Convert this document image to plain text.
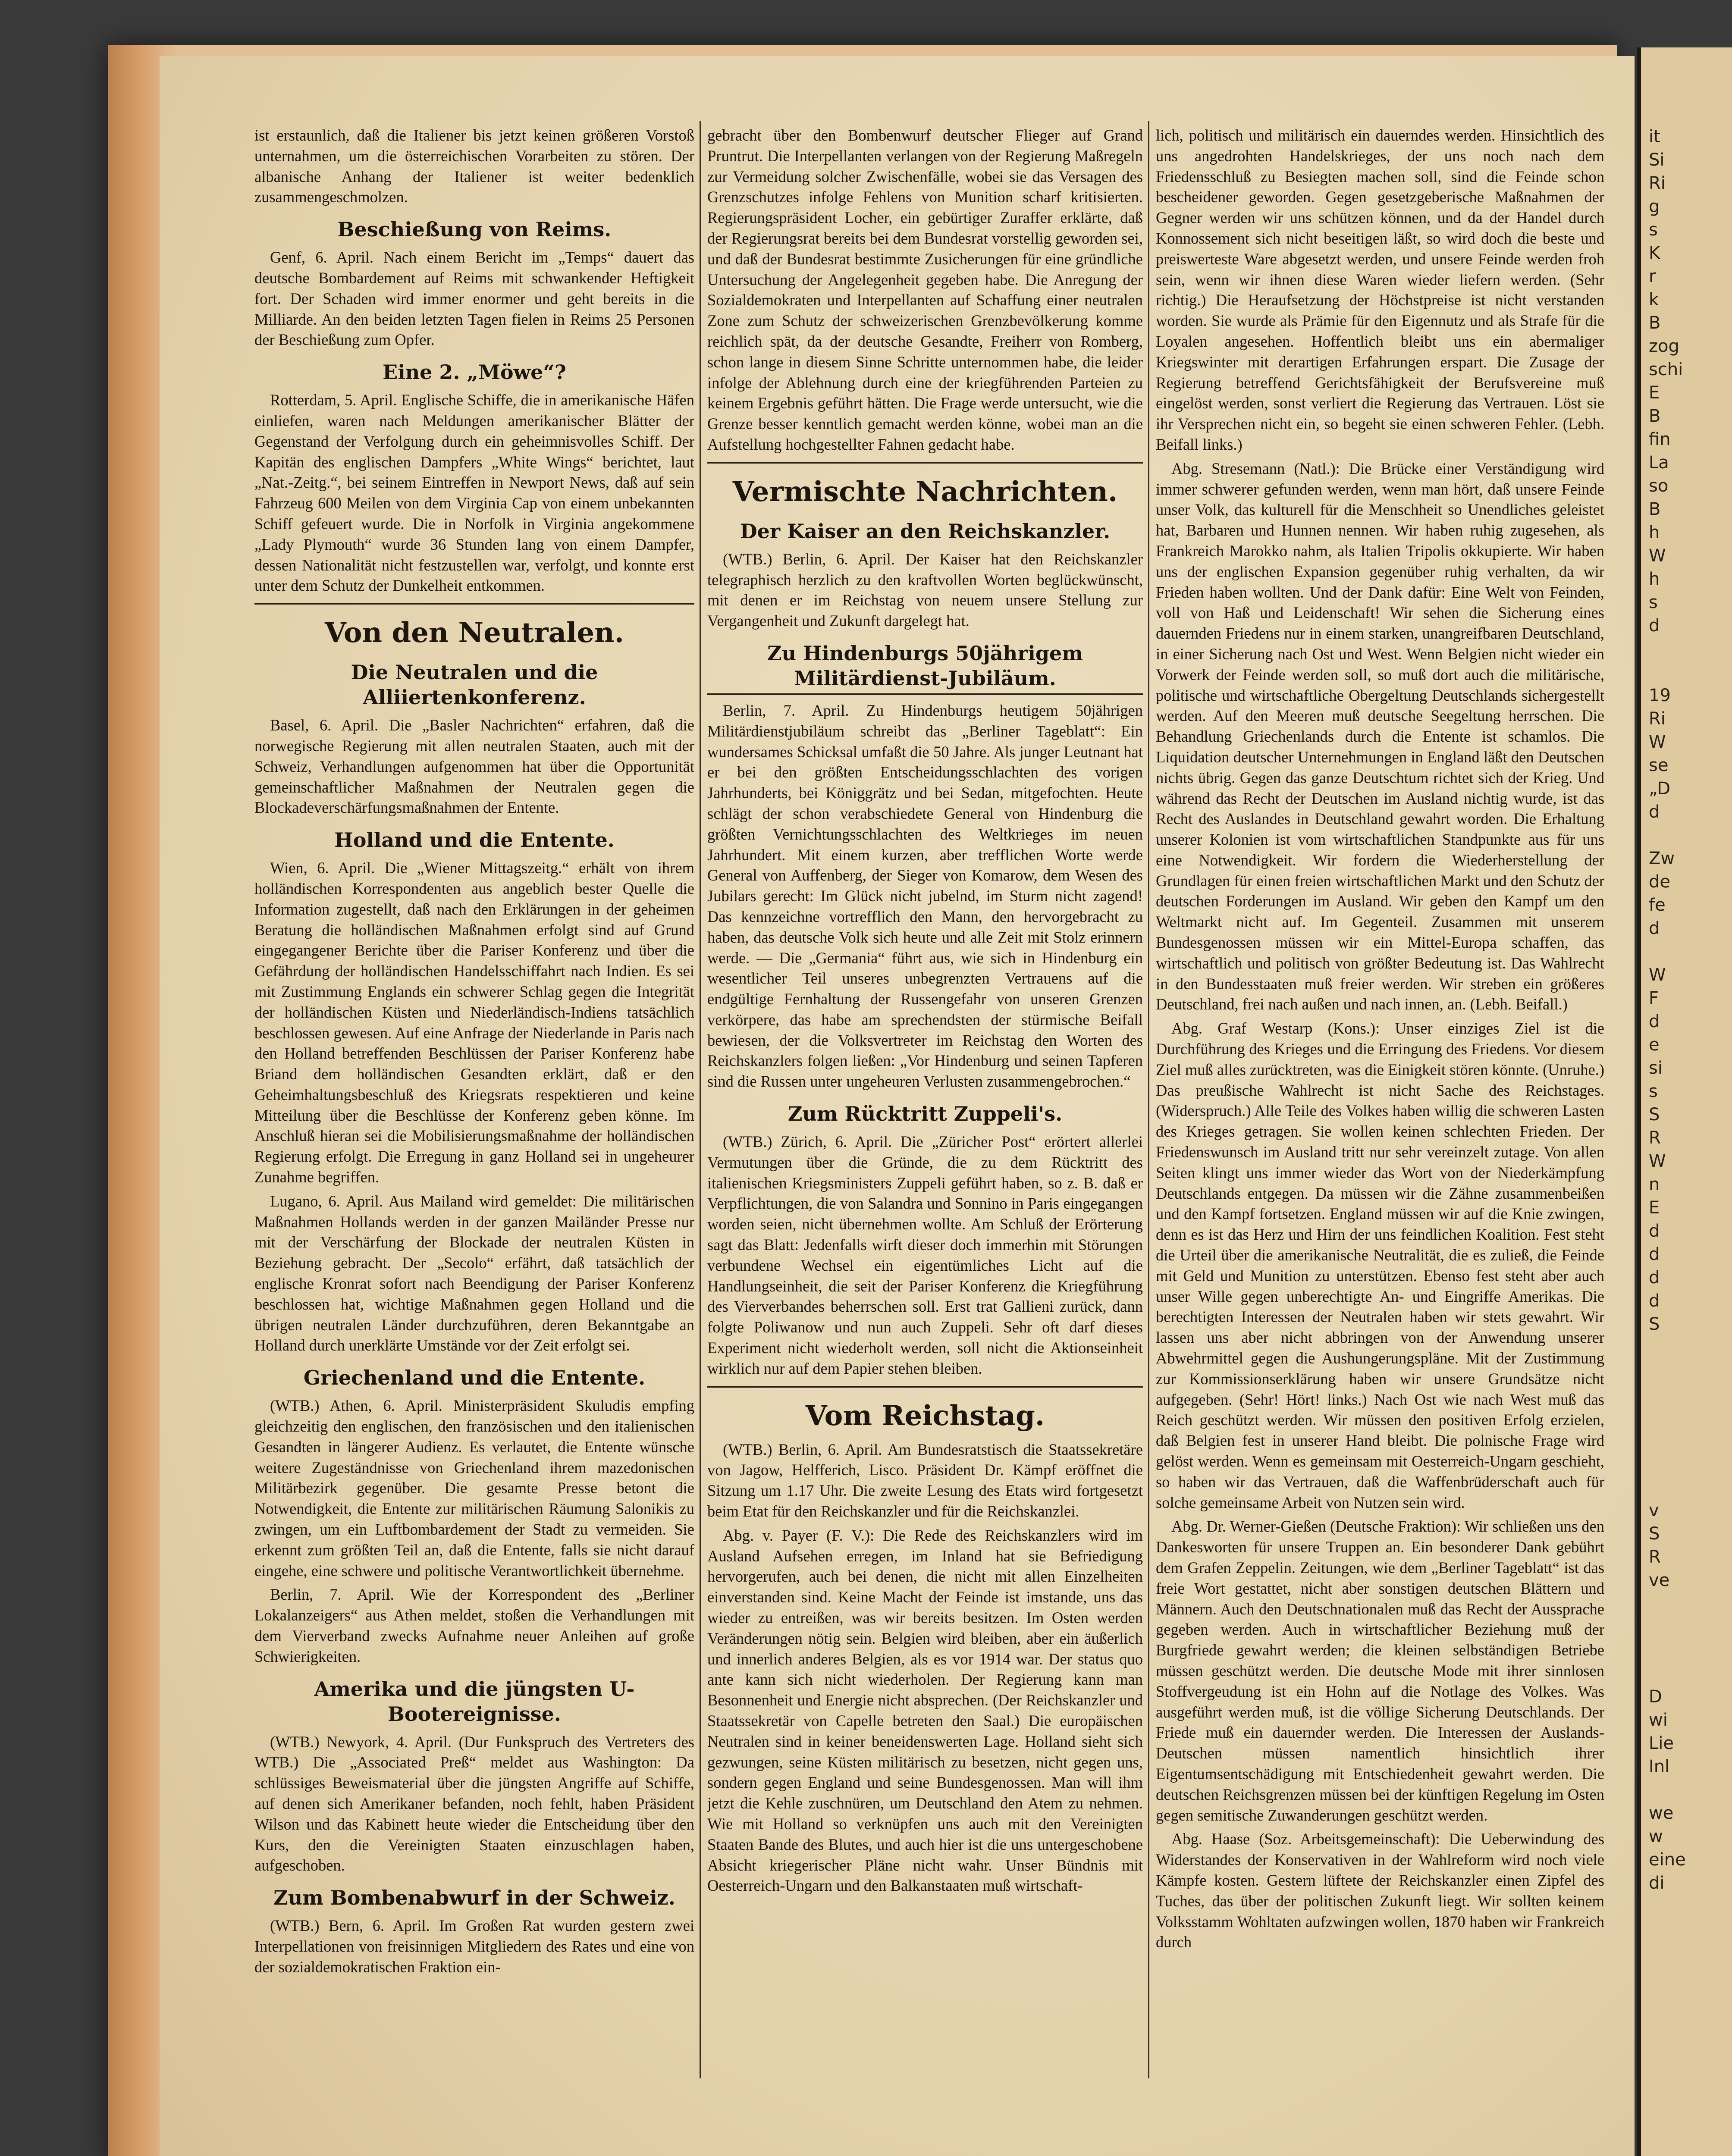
ist erstaunlich, daß die Italiener bis jetzt keinen größeren Vorstoß unternahmen, um die österreichischen Vorarbeiten zu stören. Der albanische Anhang der Italiener ist weiter bedenklich zusammengeschmolzen.

Beschießung von Reims.

Genf, 6. April. Nach einem Bericht im „Temps“ dauert das deutsche Bombardement auf Reims mit schwankender Heftigkeit fort. Der Schaden wird immer enormer und geht bereits in die Milliarde. An den beiden letzten Tagen fielen in Reims 25 Personen der Beschießung zum Opfer.

Eine 2. „Möwe“?

Rotterdam, 5. April. Englische Schiffe, die in amerikanische Häfen einliefen, waren nach Meldungen amerikanischer Blätter der Gegenstand der Verfolgung durch ein geheimnisvolles Schiff. Der Kapitän des englischen Dampfers „White Wings“ berichtet, laut „Nat.-Zeitg.“, bei seinem Eintreffen in Newport News, daß auf sein Fahrzeug 600 Meilen von dem Virginia Cap von einem unbekannten Schiff gefeuert wurde. Die in Norfolk in Virginia angekommene „Lady Plymouth“ wurde 36 Stunden lang von einem Dampfer, dessen Nationalität nicht festzustellen war, verfolgt, und konnte erst unter dem Schutz der Dunkelheit entkommen.

Von den Neutralen.
Die Neutralen und die Alliiertenkonferenz.

Basel, 6. April. Die „Basler Nachrichten“ erfahren, daß die norwegische Regierung mit allen neutralen Staaten, auch mit der Schweiz, Verhandlungen aufgenommen hat über die Opportunität gemeinschaftlicher Maßnahmen der Neutralen gegen die Blockadeverschärfungsmaßnahmen der Entente.

Holland und die Entente.

Wien, 6. April. Die „Wiener Mittagszeitg.“ erhält von ihrem holländischen Korrespondenten aus angeblich bester Quelle die Information zugestellt, daß nach den Erklärungen in der geheimen Beratung die holländischen Maßnahmen erfolgt sind auf Grund eingegangener Berichte über die Pariser Konferenz und über die Gefährdung der holländischen Handelsschiffahrt nach Indien. Es sei mit Zustimmung Englands ein schwerer Schlag gegen die Integrität der holländischen Küsten und Niederländisch-Indiens tatsächlich beschlossen gewesen. Auf eine Anfrage der Niederlande in Paris nach den Holland betreffenden Beschlüssen der Pariser Konferenz habe Briand dem holländischen Gesandten erklärt, daß er den Geheimhaltungsbeschluß des Kriegsrats respektieren und keine Mitteilung über die Beschlüsse der Konferenz geben könne. Im Anschluß hieran sei die Mobilisierungsmaßnahme der holländischen Regierung erfolgt. Die Erregung in ganz Holland sei in ungeheurer Zunahme begriffen.

Lugano, 6. April. Aus Mailand wird gemeldet: Die militärischen Maßnahmen Hollands werden in der ganzen Mailänder Presse nur mit der Verschärfung der Blockade der neutralen Küsten in Beziehung gebracht. Der „Secolo“ erfährt, daß tatsächlich der englische Kronrat sofort nach Beendigung der Pariser Konferenz beschlossen hat, wichtige Maßnahmen gegen Holland und die übrigen neutralen Länder durchzuführen, deren Bekanntgabe an Holland durch unerklärte Umstände vor der Zeit erfolgt sei.

Griechenland und die Entente.

(WTB.) Athen, 6. April. Ministerpräsident Skuludis empfing gleichzeitig den englischen, den französischen und den italienischen Gesandten in längerer Audienz. Es verlautet, die Entente wünsche weitere Zugeständnisse von Griechenland ihrem mazedonischen Militärbezirk gegenüber. Die gesamte Presse betont die Notwendigkeit, die Entente zur militärischen Räumung Salonikis zu zwingen, um ein Luftbombardement der Stadt zu vermeiden. Sie erkennt zum größten Teil an, daß die Entente, falls sie nicht darauf eingehe, eine schwere und politische Verantwortlichkeit übernehme.

Berlin, 7. April. Wie der Korrespondent des „Berliner Lokalanzeigers“ aus Athen meldet, stoßen die Verhandlungen mit dem Vierverband zwecks Aufnahme neuer Anleihen auf große Schwierigkeiten.

Amerika und die jüngsten U-Bootereignisse.

(WTB.) Newyork, 4. April. (Dur Funkspruch des Vertreters des WTB.) Die „Associated Preß“ meldet aus Washington: Da schlüssiges Beweismaterial über die jüngsten Angriffe auf Schiffe, auf denen sich Amerikaner befanden, noch fehlt, haben Präsident Wilson und das Kabinett heute wieder die Entscheidung über den Kurs, den die Vereinigten Staaten einzuschlagen haben, aufgeschoben.

Zum Bombenabwurf in der Schweiz.

(WTB.) Bern, 6. April. Im Großen Rat wurden gestern zwei Interpellationen von freisinnigen Mitgliedern des Rates und eine von der sozialdemokratischen Fraktion ein-

gebracht über den Bombenwurf deutscher Flieger auf Grand Pruntrut. Die Interpellanten verlangen von der Regierung Maßregeln zur Vermeidung solcher Zwischenfälle, wobei sie das Versagen des Grenzschutzes infolge Fehlens von Munition scharf kritisierten. Regierungspräsident Locher, ein gebürtiger Zuraffer erklärte, daß der Regierungsrat bereits bei dem Bundesrat vorstellig geworden sei, und daß der Bundesrat bestimmte Zusicherungen für eine gründliche Untersuchung der Angelegenheit gegeben habe. Die Anregung der Sozialdemokraten und Interpellanten auf Schaffung einer neutralen Zone zum Schutz der schweizerischen Grenzbevölkerung komme reichlich spät, da der deutsche Gesandte, Freiherr von Romberg, schon lange in diesem Sinne Schritte unternommen habe, die leider infolge der Ablehnung durch eine der kriegführenden Parteien zu keinem Ergebnis geführt hätten. Die Frage werde untersucht, wie die Grenze besser kenntlich gemacht werden könne, wobei man an die Aufstellung hochgestellter Fahnen gedacht habe.

Vermischte Nachrichten.
Der Kaiser an den Reichskanzler.

(WTB.) Berlin, 6. April. Der Kaiser hat den Reichskanzler telegraphisch herzlich zu den kraftvollen Worten beglückwünscht, mit denen er im Reichstag von neuem unsere Stellung zur Vergangenheit und Zukunft dargelegt hat.

Zu Hindenburgs 50jährigem Militärdienst-Jubiläum.

Berlin, 7. April. Zu Hindenburgs heutigem 50jährigen Militärdienstjubiläum schreibt das „Berliner Tageblatt“: Ein wundersames Schicksal umfaßt die 50 Jahre. Als junger Leutnant hat er bei den größten Entscheidungsschlachten des vorigen Jahrhunderts, bei Königgrätz und bei Sedan, mitgefochten. Heute schlägt der schon verabschiedete General von Hindenburg die größten Vernichtungsschlachten des Weltkrieges im neuen Jahrhundert. Mit einem kurzen, aber trefflichen Worte werde General von Auffenberg, der Sieger von Komarow, dem Wesen des Jubilars gerecht: Im Glück nicht jubelnd, im Sturm nicht zagend! Das kennzeichne vortrefflich den Mann, den hervorgebracht zu haben, das deutsche Volk sich heute und alle Zeit mit Stolz erinnern werde. — Die „Germania“ führt aus, wie sich in Hindenburg ein wesentlicher Teil unseres unbegrenzten Vertrauens auf die endgültige Fernhaltung der Russengefahr von unseren Grenzen verkörpere, das habe am sprechendsten der stürmische Beifall bewiesen, der die Volksvertreter im Reichstag den Worten des Reichskanzlers folgen ließen: „Vor Hindenburg und seinen Tapferen sind die Russen unter ungeheuren Verlusten zusammengebrochen.“

Zum Rücktritt Zuppeli's.

(WTB.) Zürich, 6. April. Die „Züricher Post“ erörtert allerlei Vermutungen über die Gründe, die zu dem Rücktritt des italienischen Kriegsministers Zuppeli geführt haben, so z. B. daß er Verpflichtungen, die von Salandra und Sonnino in Paris eingegangen worden seien, nicht übernehmen wollte. Am Schluß der Erörterung sagt das Blatt: Jedenfalls wirft dieser doch immerhin mit Störungen verbundene Wechsel ein eigentümliches Licht auf die Handlungseinheit, die seit der Pariser Konferenz die Kriegführung des Vierverbandes beherrschen soll. Erst trat Gallieni zurück, dann folgte Poliwanow und nun auch Zuppeli. Sehr oft darf dieses Experiment nicht wiederholt werden, soll nicht die Aktionseinheit wirklich nur auf dem Papier stehen bleiben.

Vom Reichstag.

(WTB.) Berlin, 6. April. Am Bundesratstisch die Staatssekretäre von Jagow, Helfferich, Lisco. Präsident Dr. Kämpf eröffnet die Sitzung um 1.17 Uhr. Die zweite Lesung des Etats wird fortgesetzt beim Etat für den Reichskanzler und für die Reichskanzlei.

Abg. v. Payer (F. V.): Die Rede des Reichskanzlers wird im Ausland Aufsehen erregen, im Inland hat sie Befriedigung hervorgerufen, auch bei denen, die nicht mit allen Einzelheiten einverstanden sind. Keine Macht der Feinde ist imstande, uns das wieder zu entreißen, was wir bereits besitzen. Im Osten werden Veränderungen nötig sein. Belgien wird bleiben, aber ein äußerlich und innerlich anderes Belgien, als es vor 1914 war. Der status quo ante kann sich nicht wiederholen. Der Regierung kann man Besonnenheit und Energie nicht absprechen. (Der Reichskanzler und Staatssekretär von Capelle betreten den Saal.) Die europäischen Neutralen sind in keiner beneidenswerten Lage. Holland sieht sich gezwungen, seine Küsten militärisch zu besetzen, nicht gegen uns, sondern gegen England und seine Bundesgenossen. Man will ihm jetzt die Kehle zuschnüren, um Deutschland den Atem zu nehmen. Wie mit Holland so verknüpfen uns auch mit den Vereinigten Staaten Bande des Blutes, und auch hier ist die uns untergeschobene Absicht kriegerischer Pläne nicht wahr. Unser Bündnis mit Oesterreich-Ungarn und den Balkanstaaten muß wirtschaft-

lich, politisch und militärisch ein dauerndes werden. Hinsichtlich des uns angedrohten Handelskrieges, der uns noch nach dem Friedensschluß zu Besiegten machen soll, sind die Feinde schon bescheidener geworden. Gegen gesetzgeberische Maßnahmen der Gegner werden wir uns schützen können, und da der Handel durch Konnossement sich nicht beseitigen läßt, so wird doch die beste und preiswerteste Ware abgesetzt werden, und unsere Feinde werden froh sein, wenn wir ihnen diese Waren wieder liefern werden. (Sehr richtig.) Die Heraufsetzung der Höchstpreise ist nicht verstanden worden. Sie wurde als Prämie für den Eigennutz und als Strafe für die Loyalen angesehen. Hoffentlich bleibt uns ein abermaliger Kriegswinter mit derartigen Erfahrungen erspart. Die Zusage der Regierung betreffend Gerichtsfähigkeit der Berufsvereine muß eingelöst werden, sonst verliert die Regierung das Vertrauen. Löst sie ihr Versprechen nicht ein, so begeht sie einen schweren Fehler. (Lebh. Beifall links.)

Abg. Stresemann (Natl.): Die Brücke einer Verständigung wird immer schwerer gefunden werden, wenn man hört, daß unsere Feinde unser Volk, das kulturell für die Menschheit so Unendliches geleistet hat, Barbaren und Hunnen nennen. Wir haben ruhig zugesehen, als Frankreich Marokko nahm, als Italien Tripolis okkupierte. Wir haben uns der englischen Expansion gegenüber ruhig verhalten, da wir Frieden haben wollten. Und der Dank dafür: Eine Welt von Feinden, voll von Haß und Leidenschaft! Wir sehen die Sicherung eines dauernden Friedens nur in einem starken, unangreifbaren Deutschland, in einer Sicherung nach Ost und West. Wenn Belgien nicht wieder ein Vorwerk der Feinde werden soll, so muß dort auch die militärische, politische und wirtschaftliche Obergeltung Deutschlands sichergestellt werden. Auf den Meeren muß deutsche Seegeltung herrschen. Die Behandlung Griechenlands durch die Entente ist schamlos. Die Liquidation deutscher Unternehmungen in England läßt den Deutschen nichts übrig. Gegen das ganze Deutschtum richtet sich der Krieg. Und während das Recht der Deutschen im Ausland nichtig wurde, ist das Recht des Auslandes in Deutschland gewahrt worden. Die Erhaltung unserer Kolonien ist vom wirtschaftlichen Standpunkte aus für uns eine Notwendigkeit. Wir fordern die Wiederherstellung der Grundlagen für einen freien wirtschaftlichen Markt und den Schutz der deutschen Forderungen im Ausland. Wir geben den Kampf um den Weltmarkt nicht auf. Im Gegenteil. Zusammen mit unserem Bundesgenossen müssen wir ein Mittel-Europa schaffen, das wirtschaftlich und politisch von größter Bedeutung ist. Das Wahlrecht in den Bundesstaaten muß freier werden. Wir streben ein größeres Deutschland, frei nach außen und nach innen, an. (Lebh. Beifall.)

Abg. Graf Westarp (Kons.): Unser einziges Ziel ist die Durchführung des Krieges und die Erringung des Friedens. Vor diesem Ziel muß alles zurücktreten, was die Einigkeit stören könnte. (Unruhe.) Das preußische Wahlrecht ist nicht Sache des Reichstages. (Widerspruch.) Alle Teile des Volkes haben willig die schweren Lasten des Krieges getragen. Sie wollen keinen schlechten Frieden. Der Friedenswunsch im Ausland tritt nur sehr vereinzelt zutage. Von allen Seiten klingt uns immer wieder das Wort von der Niederkämpfung Deutschlands entgegen. Da müssen wir die Zähne zusammenbeißen und den Kampf fortsetzen. England müssen wir auf die Knie zwingen, denn es ist das Herz und Hirn der uns feindlichen Koalition. Fest steht die Urteil über die amerikanische Neutralität, die es zuließ, die Feinde mit Geld und Munition zu unterstützen. Ebenso fest steht aber auch unser Wille gegen unberechtigte An- und Eingriffe Amerikas. Die berechtigten Interessen der Neutralen haben wir stets gewahrt. Wir lassen uns aber nicht abbringen von der Anwendung unserer Abwehrmittel gegen die Aushungerungspläne. Mit der Zustimmung zur Kommissionserklärung haben wir unsere Grundsätze nicht aufgegeben. (Sehr! Hört! links.) Nach Ost wie nach West muß das Reich geschützt werden. Wir müssen den positiven Erfolg erzielen, daß Belgien fest in unserer Hand bleibt. Die polnische Frage wird gelöst werden. Wenn es gemeinsam mit Oesterreich-Ungarn geschieht, so haben wir das Vertrauen, daß die Waffenbrüderschaft auch für solche gemeinsame Arbeit von Nutzen sein wird.

Abg. Dr. Werner-Gießen (Deutsche Fraktion): Wir schließen uns den Dankesworten für unsere Truppen an. Ein besonderer Dank gebührt dem Grafen Zeppelin. Zeitungen, wie dem „Berliner Tageblatt“ ist das freie Wort gestattet, nicht aber sonstigen deutschen Blättern und Männern. Auch den Deutschnationalen muß das Recht der Aussprache gegeben werden. Auch in wirtschaftlicher Beziehung muß der Burgfriede gewahrt werden; die kleinen selbständigen Betriebe müssen geschützt werden. Die deutsche Mode mit ihrer sinnlosen Stoffvergeudung ist ein Hohn auf die Notlage des Volkes. Was ausgeführt werden muß, ist die völlige Sicherung Deutschlands. Der Friede muß ein dauernder werden. Die Interessen der Auslands-Deutschen müssen namentlich hinsichtlich ihrer Eigentumsentschädigung mit Entschiedenheit gewahrt werden. Die deutschen Reichsgrenzen müssen bei der künftigen Regelung im Osten gegen semitische Zuwanderungen geschützt werden.

Abg. Haase (Soz. Arbeitsgemeinschaft): Die Ueberwindung des Widerstandes der Konservativen in der Wahlreform wird noch viele Kämpfe kosten. Gestern lüftete der Reichskanzler einen Zipfel des Tuches, das über der politischen Zukunft liegt. Wir sollten keinem Volksstamm Wohltaten aufzwingen wollen, 1870 haben wir Frankreich durch

it
Si
Ri
g
s
K
r
k
B
zog
schi
E
B
fin
La
so
B
h
W
h
s
d

19
Ri
W
se
„D
d

Zw
de
fe
d

W
F
d
e
si
s
S
R
W
n
E
d
d
d
d
S

v
S
R
ve

D
wi
Lie
Inl

we
w
eine
di
